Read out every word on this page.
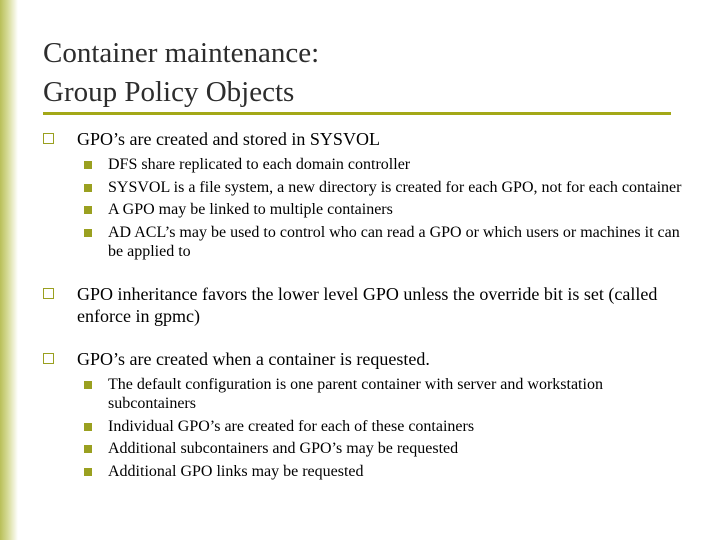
Container maintenance:
Group Policy Objects
GPO’s are created and stored in SYSVOL
DFS share replicated to each domain controller
SYSVOL is a file system, a new directory is created for each GPO, not for each container
A GPO may be linked to multiple containers
AD ACL’s may be used to control who can read a GPO or which users or machines it can be applied to
GPO inheritance favors the lower level GPO unless the override bit is set (called enforce in gpmc)
GPO’s are created when a container is requested.
The default configuration is one parent container with server and workstation subcontainers
Individual GPO’s are created for each of these containers
Additional subcontainers and GPO’s may be requested
Additional GPO links may be requested
